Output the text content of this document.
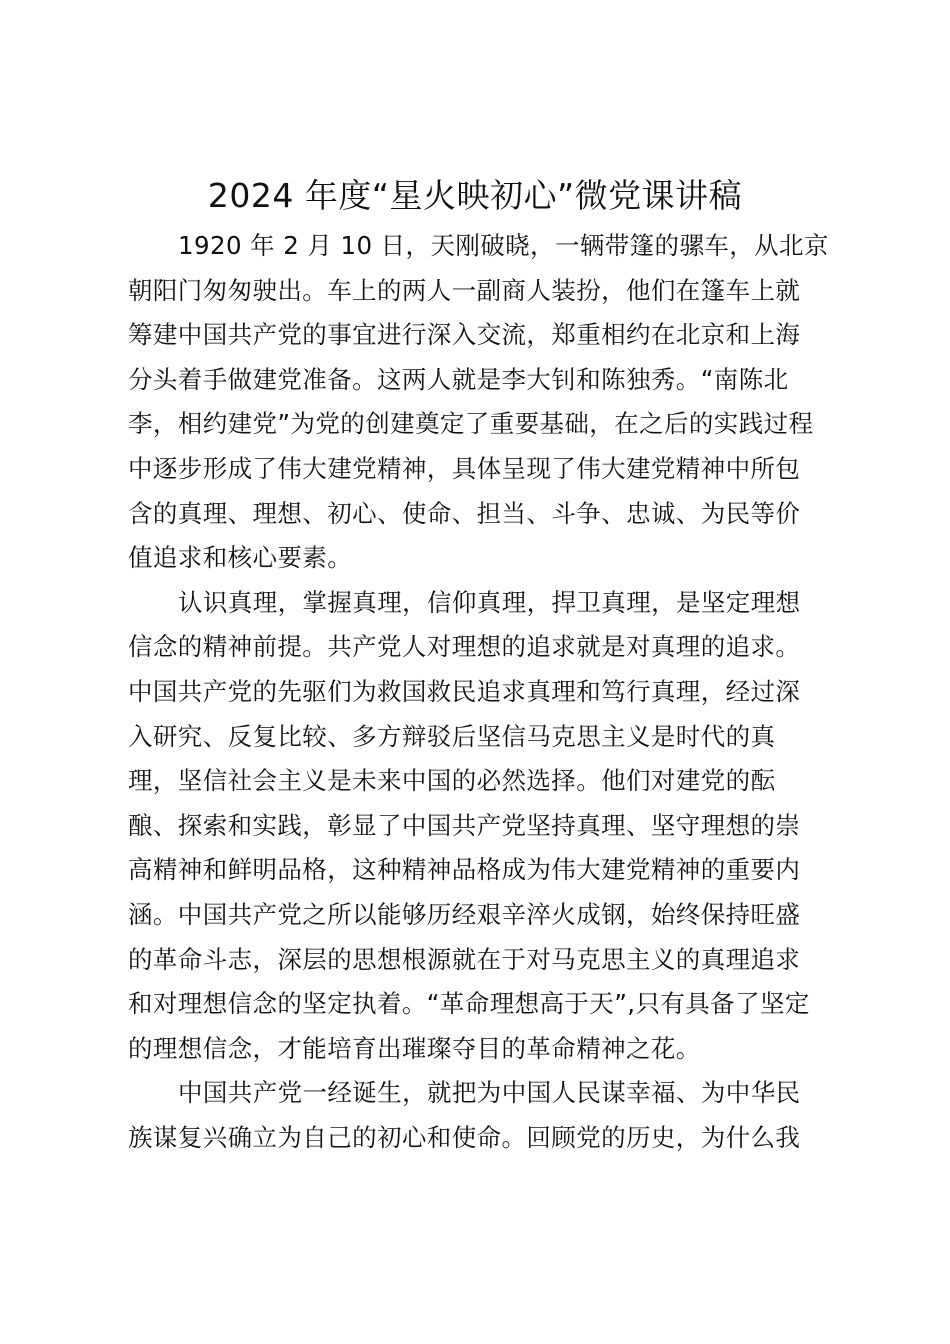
2024 年度“星火映初心”微党课讲稿
1920 年 2 月 10 日，天刚破晓，一辆带篷的骡车，从北京
朝阳门匆匆驶出。车上的两人一副商人装扮，他们在篷车上就
筹建中国共产党的事宜进行深入交流，郑重相约在北京和上海
分头着手做建党准备。这两人就是李大钊和陈独秀。“南陈北
李，相约建党”为党的创建奠定了重要基础，在之后的实践过程
中逐步形成了伟大建党精神，具体呈现了伟大建党精神中所包
含的真理、理想、初心、使命、担当、斗争、忠诚、为民等价
值追求和核心要素。
认识真理，掌握真理，信仰真理，捍卫真理，是坚定理想
信念的精神前提。共产党人对理想的追求就是对真理的追求。
中国共产党的先驱们为救国救民追求真理和笃行真理，经过深
入研究、反复比较、多方辩驳后坚信马克思主义是时代的真
理，坚信社会主义是未来中国的必然选择。他们对建党的酝
酿、探索和实践，彰显了中国共产党坚持真理、坚守理想的崇
高精神和鲜明品格，这种精神品格成为伟大建党精神的重要内
涵。中国共产党之所以能够历经艰辛淬火成钢，始终保持旺盛
的革命斗志，深层的思想根源就在于对马克思主义的真理追求
和对理想信念的坚定执着。“革命理想高于天”,只有具备了坚定
的理想信念，才能培育出璀璨夺目的革命精神之花。
中国共产党一经诞生，就把为中国人民谋幸福、为中华民
族谋复兴确立为自己的初心和使命。回顾党的历史，为什么我
